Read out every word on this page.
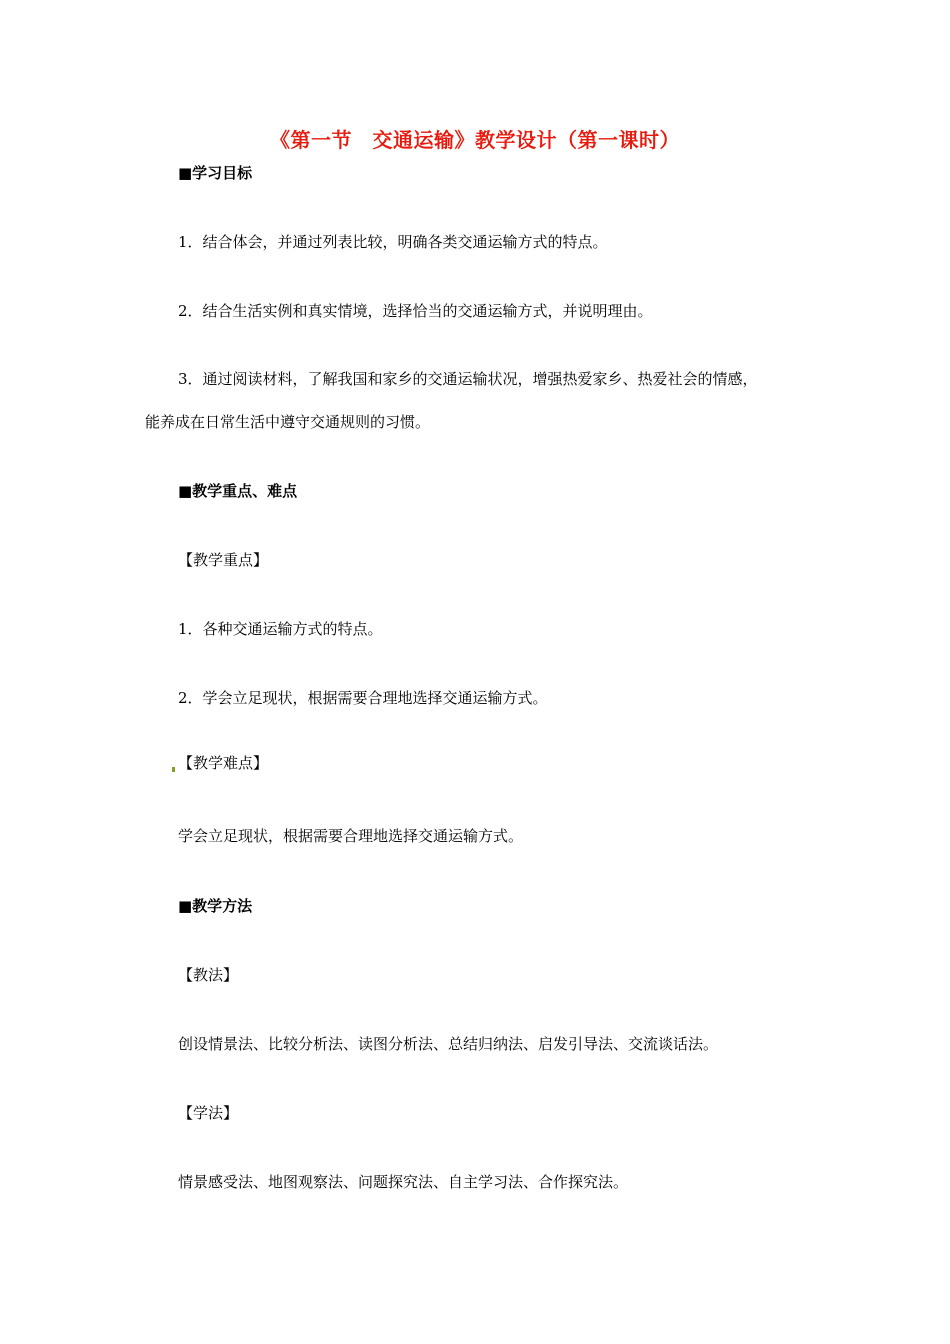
《第一节　交通运输》教学设计（第一课时）
■学习目标
1．结合体会，并通过列表比较，明确各类交通运输方式的特点。
2．结合生活实例和真实情境，选择恰当的交通运输方式，并说明理由。
3．通过阅读材料，了解我国和家乡的交通运输状况，增强热爱家乡、热爱社会的情感，
能养成在日常生活中遵守交通规则的习惯。
■教学重点、难点
【教学重点】
1．各种交通运输方式的特点。
2．学会立足现状，根据需要合理地选择交通运输方式。
【教学难点】
学会立足现状，根据需要合理地选择交通运输方式。
■教学方法
【教法】
创设情景法、比较分析法、读图分析法、总结归纳法、启发引导法、交流谈话法。
【学法】
情景感受法、地图观察法、问题探究法、自主学习法、合作探究法。
